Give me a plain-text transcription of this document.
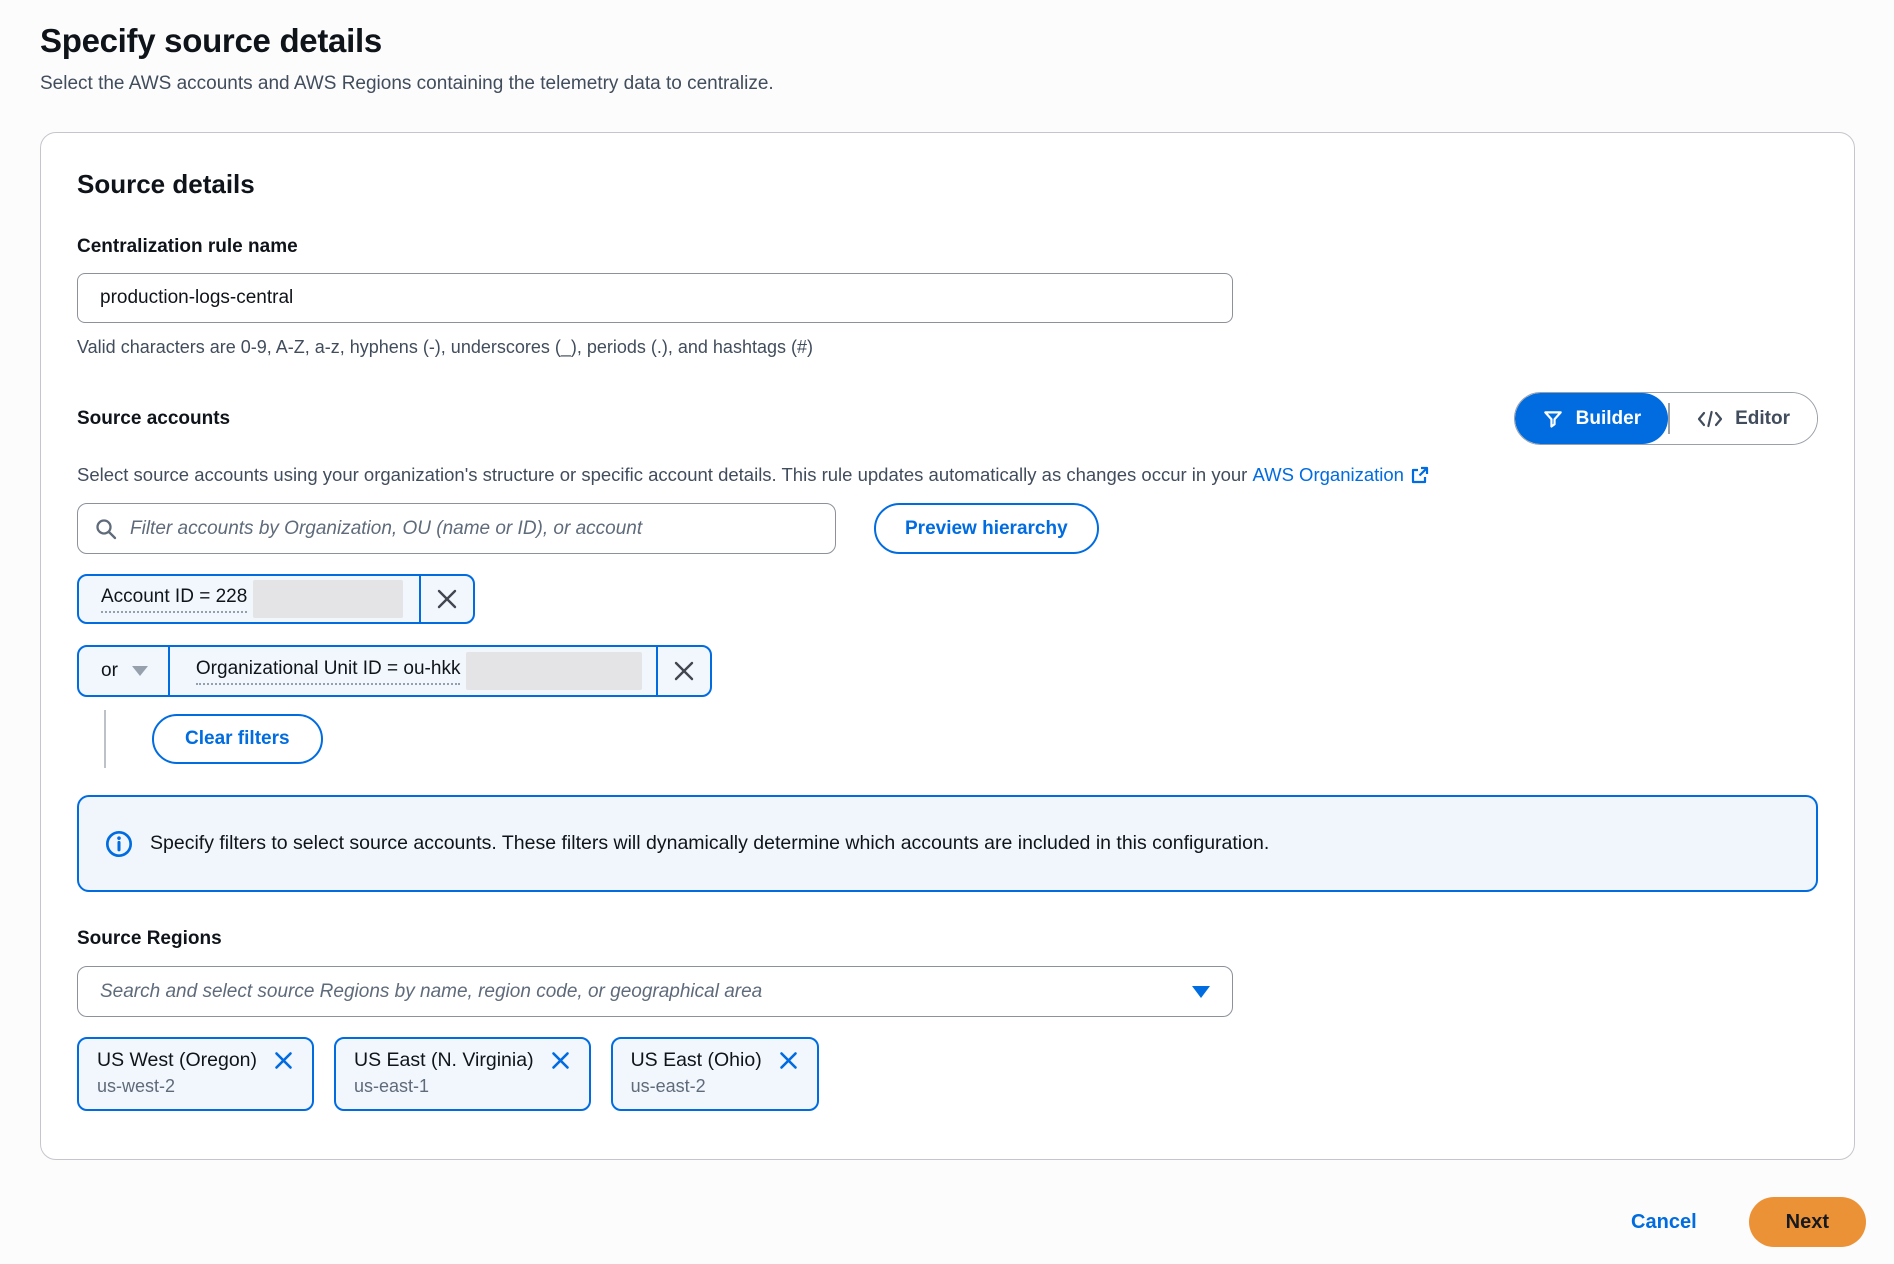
Specify source details
Select the AWS accounts and AWS Regions containing the telemetry data to centralize.
Source details
Centralization rule name
production-logs-central
Valid characters are 0-9, A-Z, a-z, hyphens (-), underscores (_), periods (.), and hashtags (#)
Source accounts	Builder	Editor
Select source accounts using your organization's structure or specific account details. This rule updates automatically as changes occur in your AWS Organization
Filter accounts by Organization, OU (name or ID), or account
Preview hierarchy
Account ID = 228

or	Organizational Unit ID = ou-hkk
Clear filters
Specify filters to select source accounts. These filters will dynamically determine which accounts are included in this configuration.
Source Regions
Search and select source Regions by name, region code, or geographical area
US West (Oregon)
us-west-2
US East (N. Virginia)
us-east-1
US East (Ohio)
us-east-2
Cancel	Next
